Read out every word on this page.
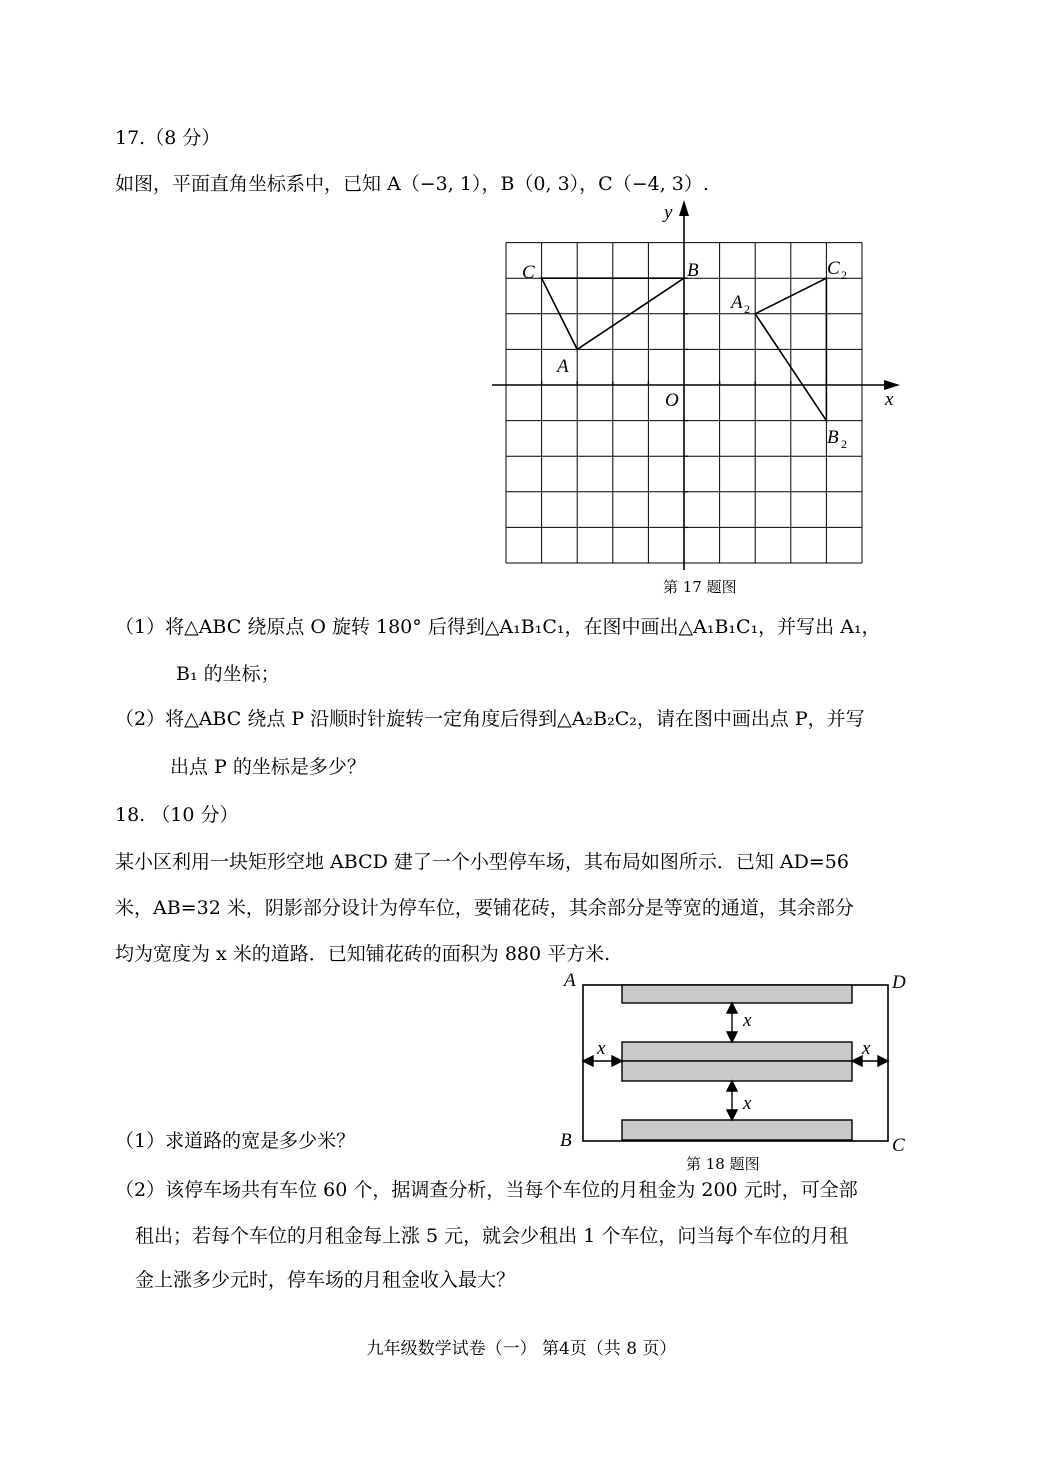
17.（8 分）
如图，平面直角坐标系中，已知 A（−3, 1），B（0, 3），C（−4, 3）.
C	B
A
O	x
y
A 2
C 2
B 2
第 17 题图
（1）将△ABC 绕原点 O 旋转 180° 后得到△A₁B₁C₁，在图中画出△A₁B₁C₁，并写出 A₁，
B₁ 的坐标；
（2）将△ABC 绕点 P 沿顺时针旋转一定角度后得到△A₂B₂C₂，请在图中画出点 P，并写
出点 P 的坐标是多少？
18. （10 分）
某小区利用一块矩形空地 ABCD 建了一个小型停车场，其布局如图所示．已知 AD=56
米，AB=32 米，阴影部分设计为停车位，要铺花砖，其余部分是等宽的通道，其余部分
均为宽度为 x 米的道路．已知铺花砖的面积为 880 平方米.
A	D
B	C
x
x
x	x
第 18 题图
（1）求道路的宽是多少米？
（2）该停车场共有车位 60 个，据调查分析，当每个车位的月租金为 200 元时，可全部
租出；若每个车位的月租金每上涨 5 元，就会少租出 1 个车位，问当每个车位的月租
金上涨多少元时，停车场的月租金收入最大？
九年级数学试卷（一） 第4页（共 8 页）
